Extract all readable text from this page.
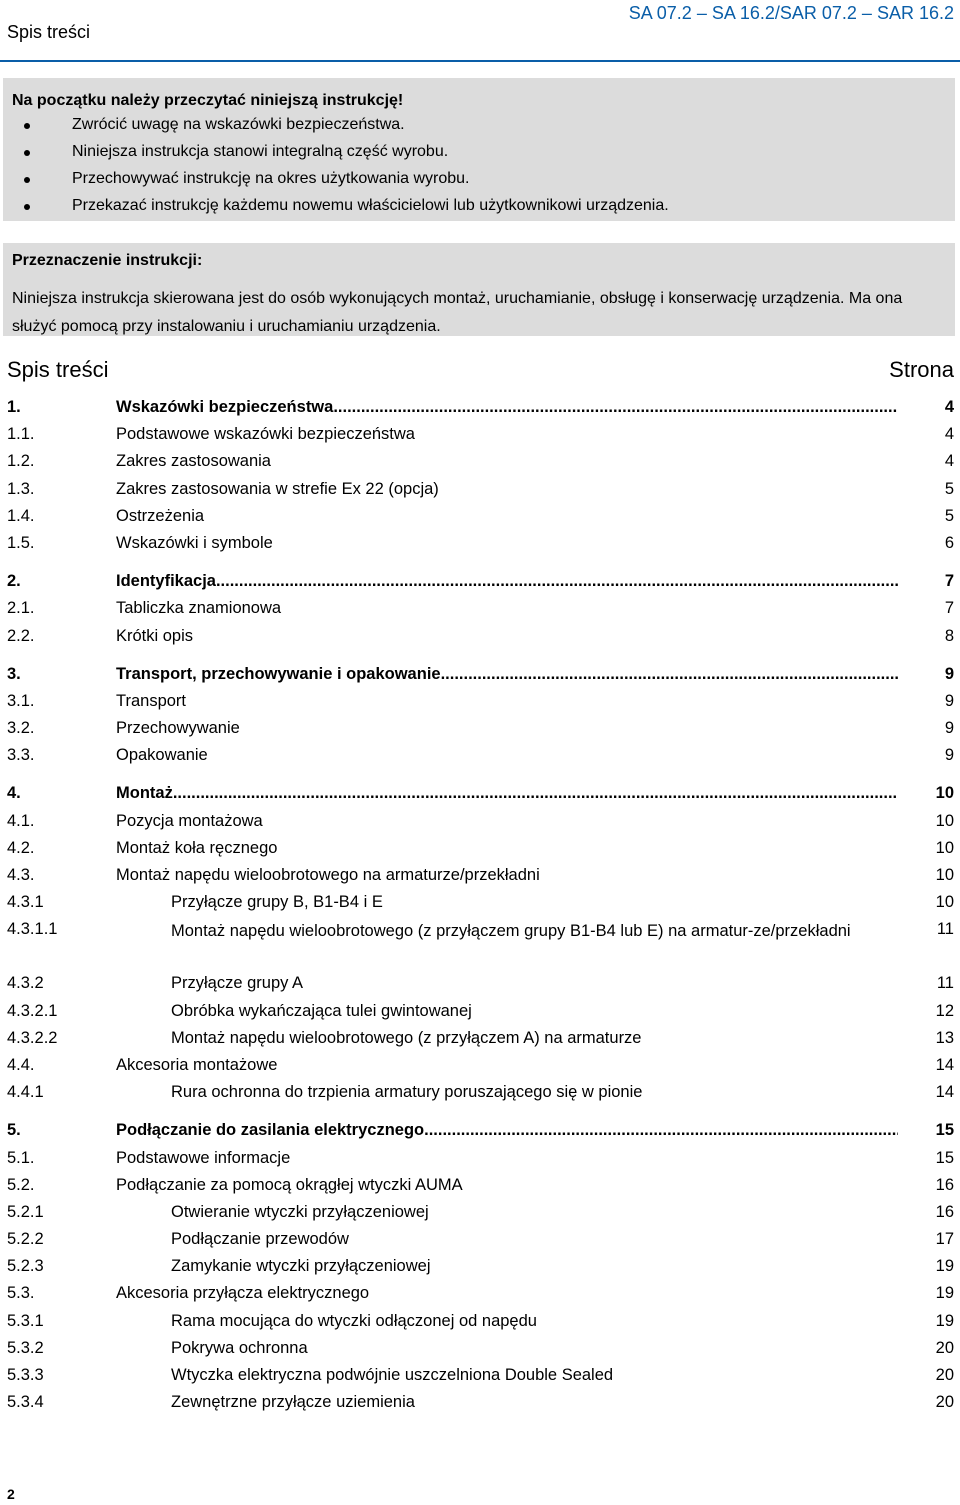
Spis treści
SA 07.2 – SA 16.2/SAR 07.2 – SAR 16.2
Na początku należy przeczytać niniejszą instrukcję!
Zwrócić uwagę na wskazówki bezpieczeństwa.
Niniejsza instrukcja stanowi integralną część wyrobu.
Przechowywać instrukcję na okres użytkowania wyrobu.
Przekazać instrukcję każdemu nowemu właścicielowi lub użytkownikowi urządzenia.
Przeznaczenie instrukcji:
Niniejsza instrukcja skierowana jest do osób wykonujących montaż, uruchamianie, obsługę i konserwację urządzenia. Ma ona służyć pomocą przy instalowaniu i uruchamianiu urządzenia.
Spis treści	Strona
1.	Wskazówki bezpieczeństwa .....	4
1.1.	Podstawowe wskazówki bezpieczeństwa	4
1.2.	Zakres zastosowania	4
1.3.	Zakres zastosowania w strefie Ex 22 (opcja)	5
1.4.	Ostrzeżenia	5
1.5.	Wskazówki i symbole	6
2.	Identyfikacja .....	7
2.1.	Tabliczka znamionowa	7
2.2.	Krótki opis	8
3.	Transport, przechowywanie i opakowanie .....	9
3.1.	Transport	9
3.2.	Przechowywanie	9
3.3.	Opakowanie	9
4.	Montaż .....	10
4.1.	Pozycja montażowa	10
4.2.	Montaż koła ręcznego	10
4.3.	Montaż napędu wieloobrotowego na armaturze/przekładni	10
4.3.1	Przyłącze grupy B, B1-B4 i E	10
4.3.1.1	Montaż napędu wieloobrotowego (z przyłączem grupy B1-B4 lub E) na armatur-ze/przekładni	11
4.3.2	Przyłącze grupy A	11
4.3.2.1	Obróbka wykańczająca tulei gwintowanej	12
4.3.2.2	Montaż napędu wieloobrotowego (z przyłączem A) na armaturze	13
4.4.	Akcesoria montażowe	14
4.4.1	Rura ochronna do trzpienia armatury poruszającego się w pionie	14
5.	Podłączanie do zasilania elektrycznego .....	15
5.1.	Podstawowe informacje	15
5.2.	Podłączanie za pomocą okrągłej wtyczki AUMA	16
5.2.1	Otwieranie wtyczki przyłączeniowej	16
5.2.2	Podłączanie przewodów	17
5.2.3	Zamykanie wtyczki przyłączeniowej	19
5.3.	Akcesoria przyłącza elektrycznego	19
5.3.1	Rama mocująca do wtyczki odłączonej od napędu	19
5.3.2	Pokrywa ochronna	20
5.3.3	Wtyczka elektryczna podwójnie uszczelniona Double Sealed	20
5.3.4	Zewnętrzne przyłącze uziemienia	20
2
